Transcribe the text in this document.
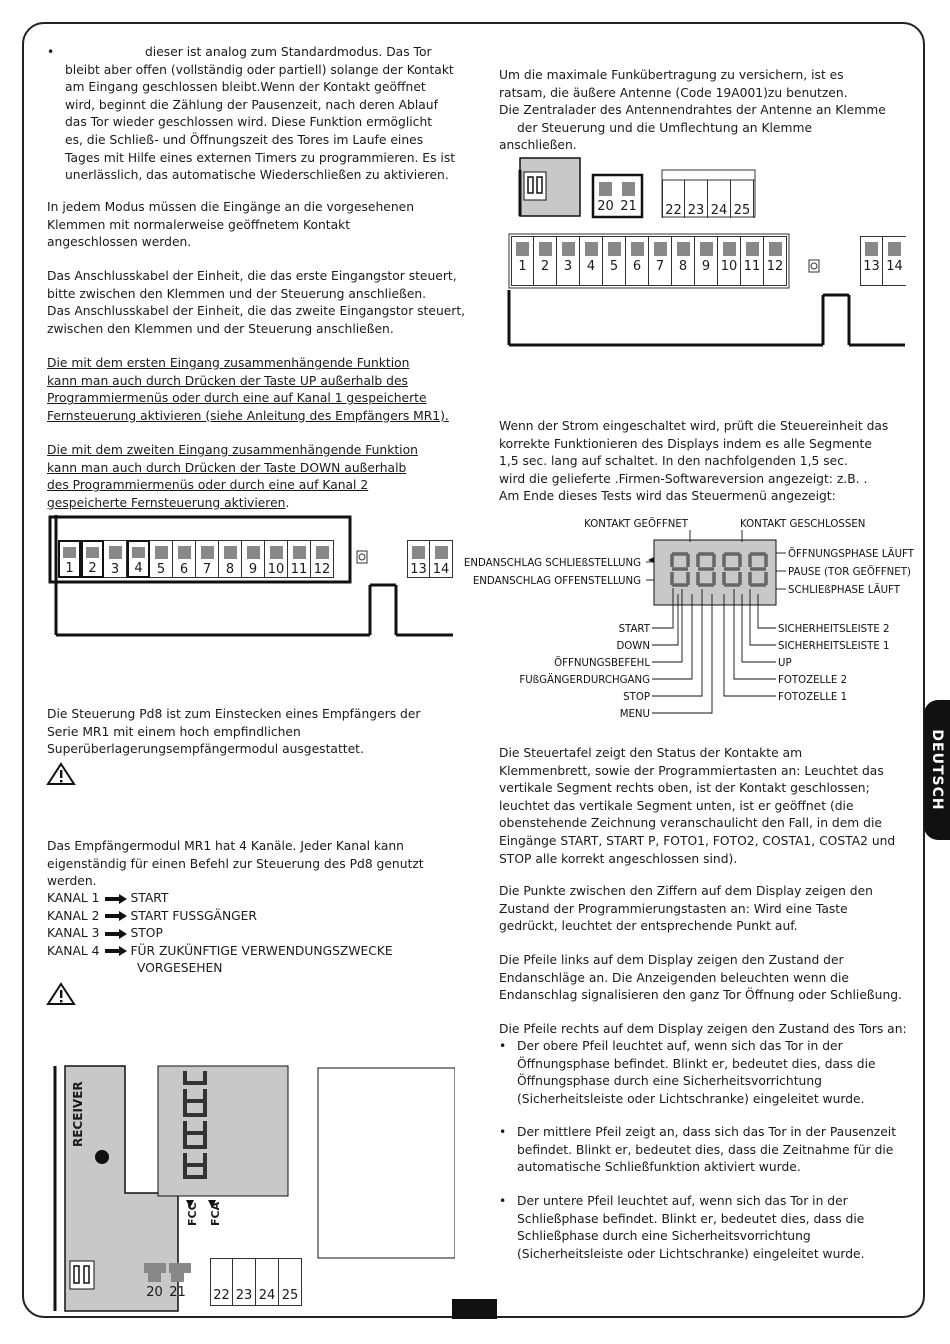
DEUTSCH
•	dieser ist analog zum Standardmodus. Das Tor
bleibt aber offen (vollständig oder partiell) solange der Kontakt
am Eingang geschlossen bleibt.Wenn der Kontakt geöffnet
wird, beginnt die Zählung der Pausenzeit, nach deren Ablauf
das Tor wieder geschlossen wird. Diese Funktion ermöglicht
es, die Schließ- und Öffnungszeit des Tores im Laufe eines
Tages mit Hilfe eines externen Timers zu programmieren. Es ist
unerlässlich, das automatische Wiederschließen zu aktivieren.
In jedem Modus müssen die Eingänge an die vorgesehenen
Klemmen mit normalerweise geöffnetem Kontakt
angeschlossen werden.
Das Anschlusskabel der Einheit, die das erste Eingangstor steuert,
bitte zwischen den Klemmen und der Steuerung anschließen.
Das Anschlusskabel der Einheit, die das zweite Eingangstor steuert,
zwischen den Klemmen und der Steuerung anschließen.
Die mit dem ersten Eingang zusammenhängende Funktion
kann man auch durch Drücken der Taste UP außerhalb des
Programmiermenüs oder durch eine auf Kanal 1 gespeicherte
Fernsteuerung aktivieren (siehe Anleitung des Empfängers MR1).
Die mit dem zweiten Eingang zusammenhängende Funktion
kann man auch durch Drücken der Taste DOWN außerhalb
des Programmiermenüs oder durch eine auf Kanal 2
gespeicherte Fernsteuerung aktivieren.
1 2 3 4 5 6 7 8 9 10 11 12	13 14
Die Steuerung Pd8 ist zum Einstecken eines Empfängers der
Serie MR1 mit einem hoch empfindlichen
Superüberlagerungsempfängermodul ausgestattet.
Das Empfängermodul MR1 hat 4 Kanäle. Jeder Kanal kann
eigenständig für einen Befehl zur Steuerung des Pd8 genutzt
werden.
KANAL 1	START
KANAL 2	START FUSSGÄNGER
KANAL 3	STOP
KANAL 4	FÜR ZUKÜNFTIGE VERWENDUNGSZWECKE
VORGESEHEN
RECEIVER
FCC FCA
20 21 22 23 24 25
Um die maximale Funkübertragung zu versichern, ist es
ratsam, die äußere Antenne (Code 19A001)zu benutzen.
Die Zentralader des Antennendrahtes der Antenne an Klemme
der Steuerung und die Umflechtung an Klemme
anschließen.
20 21 22 23 24 25
1 2 3 4 5 6 7 8 9 10 11 12	13 14
Wenn der Strom eingeschaltet wird, prüft die Steuereinheit das
korrekte Funktionieren des Displays indem es alle Segmente
1,5 sec. lang auf schaltet. In den nachfolgenden 1,5 sec.
wird die gelieferte .Firmen-Softwareversion angezeigt: z.B. .
Am Ende dieses Tests wird das Steuermenü angezeigt:
KONTAKT GEÖFFNET	KONTAKT GESCHLOSSEN
ENDANSCHLAG SCHLIEßSTELLUNG
ENDANSCHLAG OFFENSTELLUNG
ÖFFNUNGSPHASE LÄUFT
PAUSE (TOR GEÖFFNET)
SCHLIEßPHASE LÄUFT
START
DOWN
ÖFFNUNGSBEFEHL
FUßGÄNGERDURCHGANG
STOP
MENU
SICHERHEITSLEISTE 2
SICHERHEITSLEISTE 1
UP
FOTOZELLE 2
FOTOZELLE 1
Die Steuertafel zeigt den Status der Kontakte am
Klemmenbrett, sowie der Programmiertasten an: Leuchtet das
vertikale Segment rechts oben, ist der Kontakt geschlossen;
leuchtet das vertikale Segment unten, ist er geöffnet (die
obenstehende Zeichnung veranschaulicht den Fall, in dem die
Eingänge START, START P, FOTO1, FOTO2, COSTA1, COSTA2 und
STOP alle korrekt angeschlossen sind).
Die Punkte zwischen den Ziffern auf dem Display zeigen den
Zustand der Programmierungstasten an: Wird eine Taste
gedrückt, leuchtet der entsprechende Punkt auf.
Die Pfeile links auf dem Display zeigen den Zustand der
Endanschläge an. Die Anzeigenden beleuchten wenn die
Endanschlag signalisieren den ganz Tor Öffnung oder Schließung.
Die Pfeile rechts auf dem Display zeigen den Zustand des Tors an:
• Der obere Pfeil leuchtet auf, wenn sich das Tor in der
Öffnungsphase befindet. Blinkt er, bedeutet dies, dass die
Öffnungsphase durch eine Sicherheitsvorrichtung
(Sicherheitsleiste oder Lichtschranke) eingeleitet wurde.
• Der mittlere Pfeil zeigt an, dass sich das Tor in der Pausenzeit
befindet. Blinkt er, bedeutet dies, dass die Zeitnahme für die
automatische Schließfunktion aktiviert wurde.
• Der untere Pfeil leuchtet auf, wenn sich das Tor in der
Schließphase befindet. Blinkt er, bedeutet dies, dass die
Schließphase durch eine Sicherheitsvorrichtung
(Sicherheitsleiste oder Lichtschranke) eingeleitet wurde.
